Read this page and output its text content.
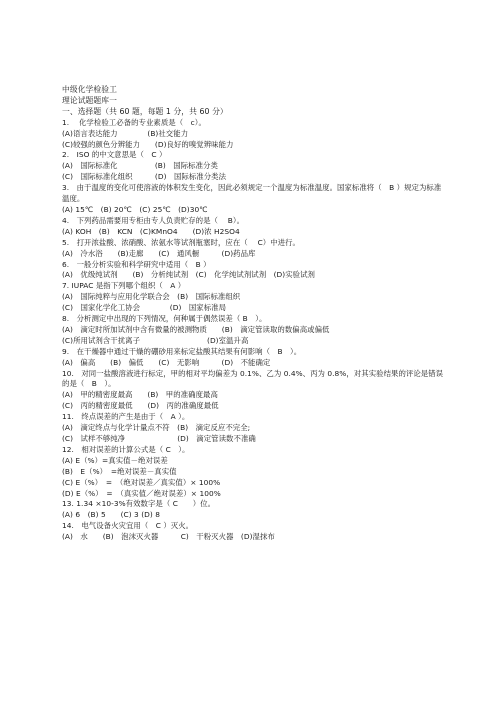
中级化学检验工
理论试题题库一
一、选择题（共 60 题，每题 1 分，共 60 分）
1.　 化学检验工必备的专业素质是（　c）。
(A)语言表达能力　　　　(B)社交能力
(C)较强的颜色分辨能力　　(D)良好的嗅觉辨味能力
2.　ISO 的中文意思是（　C ）
(A)　国际标准化　　　　　(B)　国际标准分类
(C)　国际标准化组织　　　(D)　国际标准分类法
3.　由于温度的变化可使溶液的体积发生变化，因此必须规定一个温度为标准温度。国家标准将（　B ）规定为标准温度。
(A) 15℃　(B) 20℃　(C) 25℃　(D)30℃
4.　下列药品需要用专柜由专人负责贮存的是（　 B）。
(A) KOH　(B)　KCN　(C)KMnO4　　(D)浓 H2SO4
5.　打开浓盐酸、浓硝酸、浓氨水等试剂瓶塞时，应在（　 C）中进行。
(A)　冷水浴　　(B)走廊　　(C)　通风橱　　　(D)药品库
6.　一般分析实验和科学研究中适用（　B ）
(A)　优级纯试剂　　(B)　分析纯试剂　(C)　化学纯试剂试剂　(D)实验试剂
7. IUPAC 是指下列哪个组织（　A ）
(A)　国际纯粹与应用化学联合会　(B)　国际标准组织
(C)　国家化学化工协会　　　　(D)　国家标准局
8.　分析测定中出现的下列情况，何种属于偶然误差（ B　）。
(A)　滴定时所加试剂中含有微量的被测物质　　(B)　滴定管读取的数偏高或偏低
(C)所用试剂含干扰离子　　　　　　　　　(D)室温升高
9.　在干燥器中通过干燥的硼砂用来标定盐酸其结果有何影响（　B　）。
(A)　偏高　　(B)　偏低　　(C)　无影响　　　(D)　不能确定
10.　对同一盐酸溶液进行标定，甲的相对平均偏差为 0.1%、乙为 0.4%、丙为 0.8%，对其实验结果的评论是错误的是（　B　）。
(A)　甲的精密度最高　　(B)　甲的准确度最高
(C)　丙的精密度最低　　(D)　丙的准确度最低
11.　终点误差的产生是由于（　A ）。
(A)　滴定终点与化学计量点不符　(B)　滴定反应不完全;
(C)　试样不够纯净　　　　　　　(D)　滴定管读数不准确
12.　相对误差的计算公式是（ C　）。
(A) E（%）=真实值－绝对误差
(B)　E（%）　=绝对误差－真实值
(C) E（%）　=　（绝对误差／真实值）× 100%
(D) E（%）　=　（真实值／绝对误差）× 100%
13. 1.34 ×10-3%有效数字是（ C　　）位。
(A) 6　(B) 5　　(C) 3 (D) 8
14.　电气设备火灾宜用（　C ）灭火。
(A)　水　　(B)　泡沫灭火器　　　C)　干粉灭火器　(D)湿抹布
